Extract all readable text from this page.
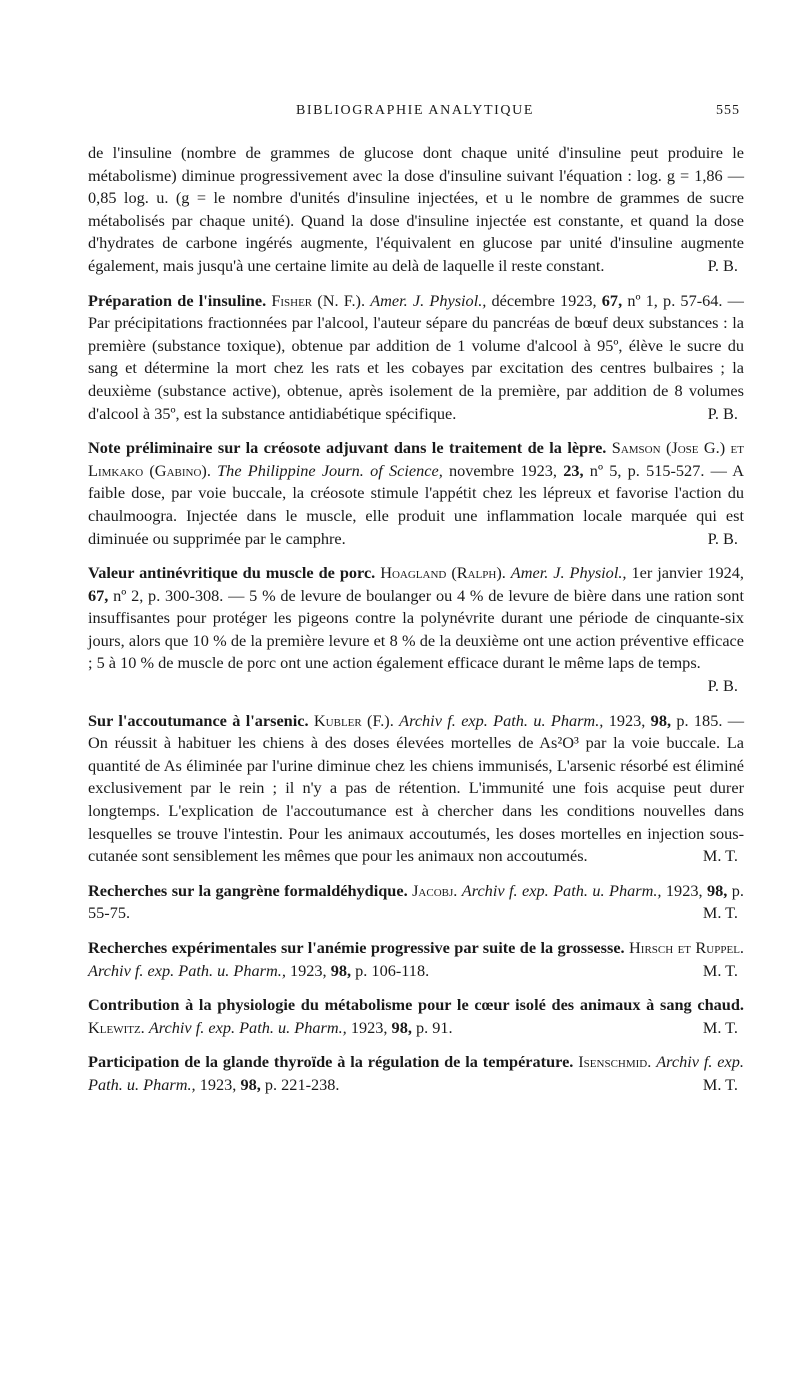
BIBLIOGRAPHIE ANALYTIQUE	555

de l'insuline (nombre de grammes de glucose dont chaque unité d'insuline peut produire le métabolisme) diminue progressivement avec la dose d'insuline suivant l'équation : log. g = 1,86 — 0,85 log. u. (g = le nombre d'unités d'insuline injectées, et u le nombre de grammes de sucre métabolisés par chaque unité). Quand la dose d'insuline injectée est constante, et quand la dose d'hydrates de carbone ingérés augmente, l'équivalent en glucose par unité d'insuline augmente également, mais jusqu'à une certaine limite au delà de laquelle il reste constant.	P. B.

Préparation de l'insuline. Fisher (N. F.). Amer. J. Physiol., décembre 1923, 67, nº 1, p. 57-64. — Par précipitations fractionnées par l'alcool, l'auteur sépare du pancréas de bœuf deux substances : la première (substance toxique), obtenue par addition de 1 volume d'alcool à 95º, élève le sucre du sang et détermine la mort chez les rats et les cobayes par excitation des centres bulbaires ; la deuxième (substance active), obtenue, après isolement de la première, par addition de 8 volumes d'alcool à 35º, est la substance antidiabétique spécifique.	P. B.

Note préliminaire sur la créosote adjuvant dans le traitement de la lèpre. Samson (Jose G.) et Limkako (Gabino). The Philippine Journ. of Science, novembre 1923, 23, nº 5, p. 515-527. — A faible dose, par voie buccale, la créosote stimule l'appétit chez les lépreux et favorise l'action du chaulmoogra. Injectée dans le muscle, elle produit une inflammation locale marquée qui est diminuée ou supprimée par le camphre.	P. B.

Valeur antinévritique du muscle de porc. Hoagland (Ralph). Amer. J. Physiol., 1er janvier 1924, 67, nº 2, p. 300-308. — 5 % de levure de boulanger ou 4 % de levure de bière dans une ration sont insuffisantes pour protéger les pigeons contre la polynévrite durant une période de cinquante-six jours, alors que 10 % de la première levure et 8 % de la deuxième ont une action préventive efficace ; 5 à 10 % de muscle de porc ont une action également efficace durant le même laps de temps.
P. B.

Sur l'accoutumance à l'arsenic. Kubler (F.). Archiv f. exp. Path. u. Pharm., 1923, 98, p. 185. — On réussit à habituer les chiens à des doses élevées mortelles de As²O³ par la voie buccale. La quantité de As éliminée par l'urine diminue chez les chiens immunisés, L'arsenic résorbé est éliminé exclusivement par le rein ; il n'y a pas de rétention. L'immunité une fois acquise peut durer longtemps. L'explication de l'accoutumance est à chercher dans les conditions nouvelles dans lesquelles se trouve l'intestin. Pour les animaux accoutumés, les doses mortelles en injection sous-cutanée sont sensiblement les mêmes que pour les animaux non accoutumés.	M. T.

Recherches sur la gangrène formaldéhydique. Jacobj. Archiv f. exp. Path. u. Pharm., 1923, 98, p. 55-75.	M. T.

Recherches expérimentales sur l'anémie progressive par suite de la grossesse. Hirsch et Ruppel. Archiv f. exp. Path. u. Pharm., 1923, 98, p. 106-118.	M. T.

Contribution à la physiologie du métabolisme pour le cœur isolé des animaux à sang chaud. Klewitz. Archiv f. exp. Path. u. Pharm., 1923, 98, p. 91.	M. T.

Participation de la glande thyroïde à la régulation de la température. Isenschmid. Archiv f. exp. Path. u. Pharm., 1923, 98, p. 221-238.	M. T.
